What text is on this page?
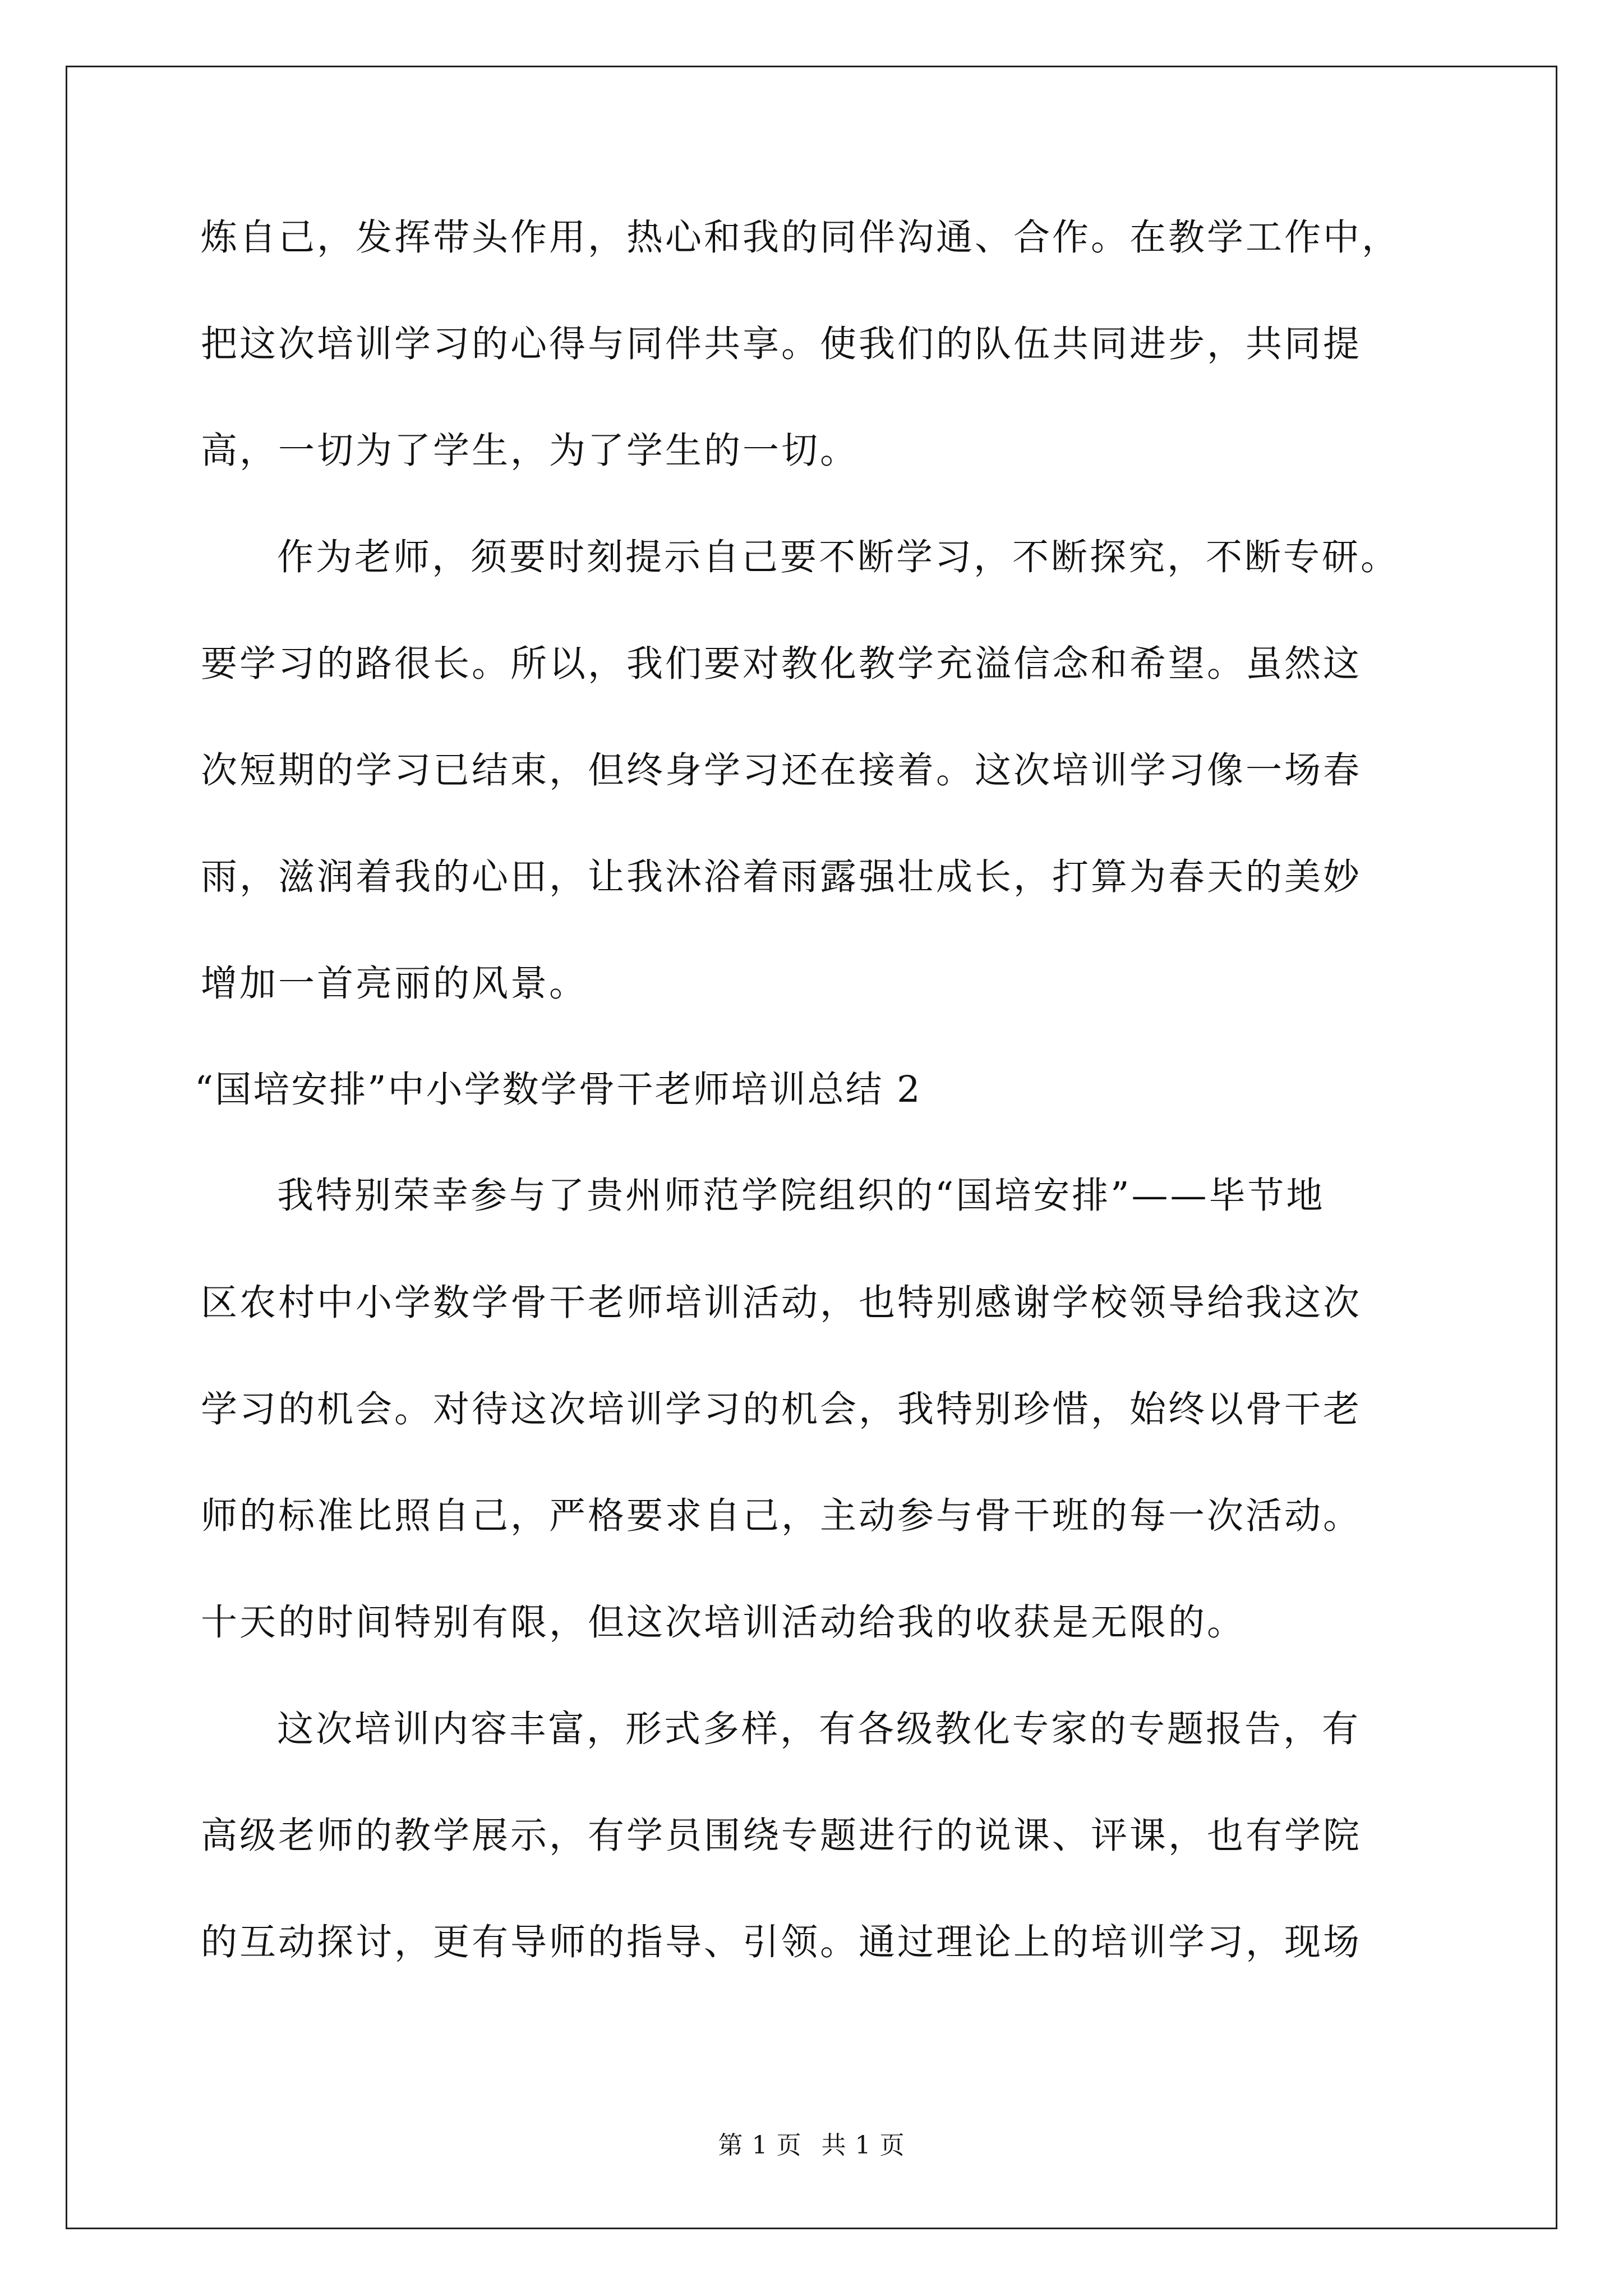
炼自己，发挥带头作用，热心和我的同伴沟通、合作。在教学工作中，
把这次培训学习的心得与同伴共享。使我们的队伍共同进步，共同提
高，一切为了学生，为了学生的一切。
作为老师，须要时刻提示自己要不断学习，不断探究，不断专研。
要学习的路很长。所以，我们要对教化教学充溢信念和希望。虽然这
次短期的学习已结束，但终身学习还在接着。这次培训学习像一场春
雨，滋润着我的心田，让我沐浴着雨露强壮成长，打算为春天的美妙
增加一首亮丽的风景。
“国培安排”中小学数学骨干老师培训总结 2
我特别荣幸参与了贵州师范学院组织的“国培安排”——毕节地
区农村中小学数学骨干老师培训活动，也特别感谢学校领导给我这次
学习的机会。对待这次培训学习的机会，我特别珍惜，始终以骨干老
师的标准比照自己，严格要求自己，主动参与骨干班的每一次活动。
十天的时间特别有限，但这次培训活动给我的收获是无限的。
这次培训内容丰富，形式多样，有各级教化专家的专题报告，有
高级老师的教学展示，有学员围绕专题进行的说课、评课，也有学院
的互动探讨，更有导师的指导、引领。通过理论上的培训学习，现场
第 1 页 共 1 页
